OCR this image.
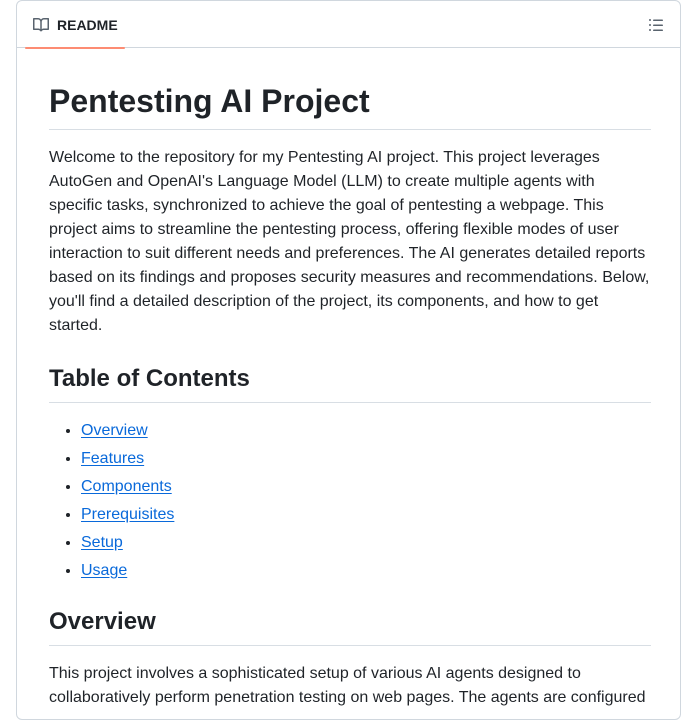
README
Pentesting AI Project

Welcome to the repository for my Pentesting AI project. This project leverages AutoGen and OpenAI's Language Model (LLM) to create multiple agents with specific tasks, synchronized to achieve the goal of pentesting a webpage. This project aims to streamline the pentesting process, offering flexible modes of user interaction to suit different needs and preferences. The AI generates detailed reports based on its findings and proposes security measures and recommendations. Below, you'll find a detailed description of the project, its components, and how to get started.

Table of Contents
• Overview
• Features
• Components
• Prerequisites
• Setup
• Usage
Overview

This project involves a sophisticated setup of various AI agents designed to collaboratively perform penetration testing on web pages. The agents are configured
